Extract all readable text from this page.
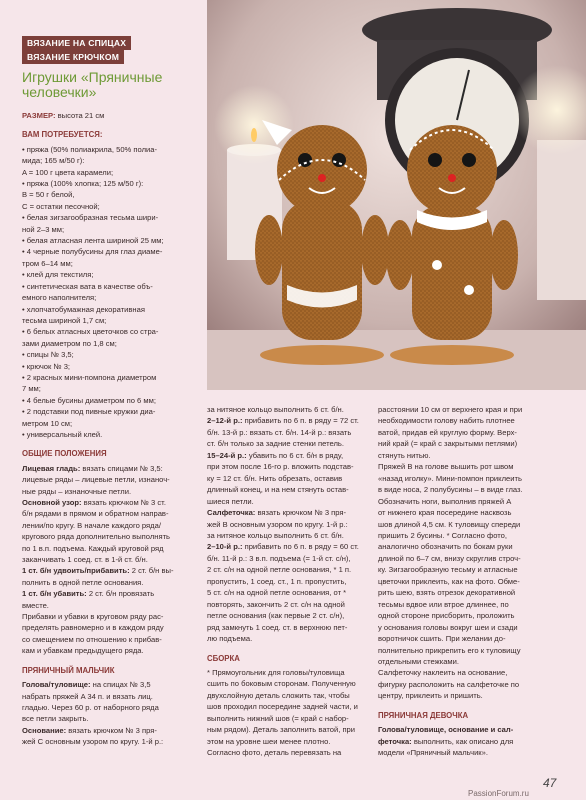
ВЯЗАНИЕ НА СПИЦАХ
ВЯЗАНИЕ КРЮЧКОМ
Игрушки «Пряничные
человечки»

РАЗМЕР: высота 21 см

ВАМ ПОТРЕБУЕТСЯ:

• пряжа (50% полиакрила, 50% полиа-

мида; 165 м/50 г):

A = 100 г цвета карамели;

• пряжа (100% хлопка; 125 м/50 г):

B = 50 г белой,

C = остатки песочной;

• белая зигзагообразная тесьма шири-

ной 2–3 мм;

• белая атласная лента шириной 25 мм;

• 4 черные полубусины для глаз диаме-

тром 6–14 мм;

• клей для текстиля;

• синтетическая вата в качестве объ-

емного наполнителя;

• хлопчатобумажная декоративная

тесьма шириной 1,7 см;

• 6 белых атласных цветочков со стра-

зами диаметром по 1,8 см;

• спицы № 3,5;

• крючок № 3;

• 2 красных мини-помпона диаметром

7 мм;

• 4 белые бусины диаметром по 6 мм;

• 2 подставки под пивные кружки диа-

метром 10 см;

• универсальный клей.

ОБЩИЕ ПОЛОЖЕНИЯ

Лицевая гладь: вязать спицами № 3,5:

лицевые ряды – лицевые петли, изнаноч-

ные ряды – изнаночные петли.

Основной узор: вязать крючком № 3 ст.

б/н рядами в прямом и обратном направ-

лении/по кругу. В начале каждого ряда/

кругового ряда дополнительно выполнять

по 1 в.п. подъема. Каждый круговой ряд

заканчивать 1 соед. ст. в 1-й ст. б/н.

1 ст. б/н удвоить/прибавить: 2 ст. б/н вы-

полнить в одной петле основания.

1 ст. б/н убавить: 2 ст. б/н провязать

вместе.

Прибавки и убавки в круговом ряду рас-

пределять равномерно и в каждом ряду

со смещением по отношению к прибав-

кам и убавкам предыдущего ряда.

ПРЯНИЧНЫЙ МАЛЬЧИК

Голова/туловище: на спицах № 3,5

набрать пряжей A 34 п. и вязать лиц.

гладью. Через 60 р. от наборного ряда

все петли закрыть.

Основание: вязать крючком № 3 пря-

жей C основным узором по кругу. 1-й р.:

за нитяное кольцо выполнить 6 ст. б/н.

2–12-й р.: прибавить по 6 п. в ряду = 72 ст.

б/н. 13-й р.: вязать ст. б/н. 14-й р.: вязать

ст. б/н только за задние стенки петель.

15–24-й р.: убавить по 6 ст. б/н в ряду,

при этом после 16-го р. вложить подстав-

ку = 12 ст. б/н. Нить обрезать, оставив

длинный конец, и на нем стянуть остав-

шиеся петли.

Салфеточка: вязать крючком № 3 пря-

жей B основным узором по кругу. 1-й р.:

за нитяное кольцо выполнить 6 ст. б/н.

2–10-й р.: прибавить по 6 п. в ряду = 60 ст.

б/н. 11-й р.: 3 в.п. подъема (= 1-й ст. с/н),

2 ст. с/н на одной петле основания, * 1 п.

пропустить, 1 соед. ст., 1 п. пропустить,

5 ст. с/н на одной петле основания, от *

повторять, закончить 2 ст. с/н на одной

петле основания (как первые 2 ст. с/н),

ряд замкнуть 1 соед. ст. в верхнюю пет-

лю подъема.

СБОРКА

* Прямоугольник для головы/туловища

сшить по боковым сторонам. Полученную

двухслойную деталь сложить так, чтобы

шов проходил посередине задней части, и

выполнить нижний шов (= край с набор-

ным рядом). Деталь заполнить ватой, при

этом на уровне шеи менее плотно.

Согласно фото, деталь перевязать на

расстоянии 10 см от верхнего края и при

необходимости голову набить плотнее

ватой, придав ей круглую форму. Верх-

ний край (= край с закрытыми петлями)

стянуть нитью.

Пряжей B на голове вышить рот швом

«назад иголку». Мини-помпон приклеить

в виде носа, 2 полубусины – в виде глаз.

Обозначить ноги, выполнив пряжей A

от нижнего края посередине насквозь

шов длиной 4,5 см. К туловищу спереди

пришить 2 бусины. * Согласно фото,

аналогично обозначить по бокам руки

длиной по 6–7 см, внизу скруглив строч-

ку. Зигзагообразную тесьму и атласные

цветочки приклеить, как на фото. Обме-

рить шею, взять отрезок декоративной

тесьмы вдвое или втрое длиннее, по

одной стороне присборить, проложить

у основания головы вокруг шеи и сзади

воротничок сшить. При желании до-

полнительно прикрепить его к туловищу

отдельными стежками.

Салфеточку наклеить на основание,

фигурку расположить на салфеточке по

центру, приклеить и пришить.

ПРЯНИЧНАЯ ДЕВОЧКА

Голова/туловище, основание и сал-

феточка: выполнить, как описано для

модели «Пряничный мальчик».

47
PassionForum.ru
